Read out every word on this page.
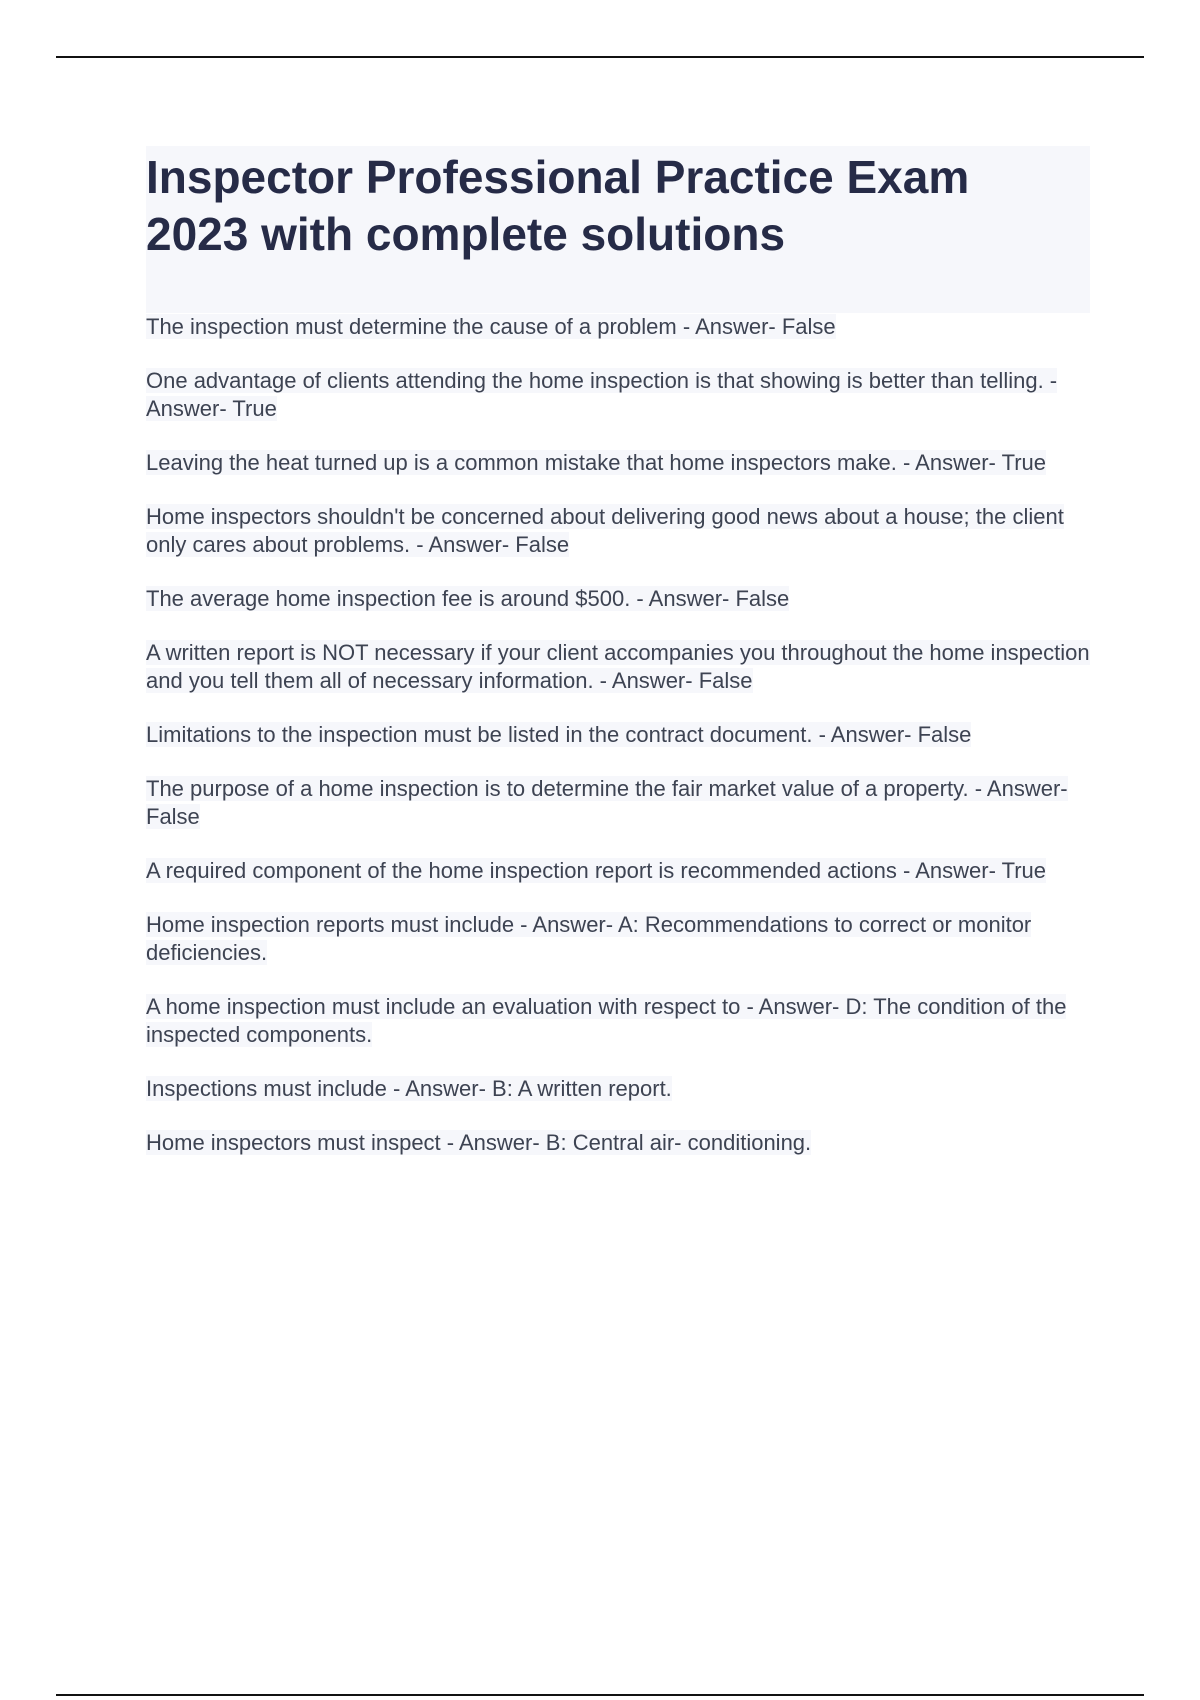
Inspector Professional Practice Exam 2023 with complete solutions
The inspection must determine the cause of a problem - Answer- False
One advantage of clients attending the home inspection is that showing is better than telling. - Answer- True
Leaving the heat turned up is a common mistake that home inspectors make. - Answer- True
Home inspectors shouldn't be concerned about delivering good news about a house; the client only cares about problems. - Answer- False
The average home inspection fee is around $500. - Answer- False
A written report is NOT necessary if your client accompanies you throughout the home inspection and you tell them all of necessary information. - Answer- False
Limitations to the inspection must be listed in the contract document. - Answer- False
The purpose of a home inspection is to determine the fair market value of a property. - Answer- False
A required component of the home inspection report is recommended actions - Answer- True
Home inspection reports must include - Answer- A: Recommendations to correct or monitor deficiencies.
A home inspection must include an evaluation with respect to - Answer- D: The condition of the inspected components.
Inspections must include - Answer- B: A written report.
Home inspectors must inspect - Answer- B: Central air- conditioning.
